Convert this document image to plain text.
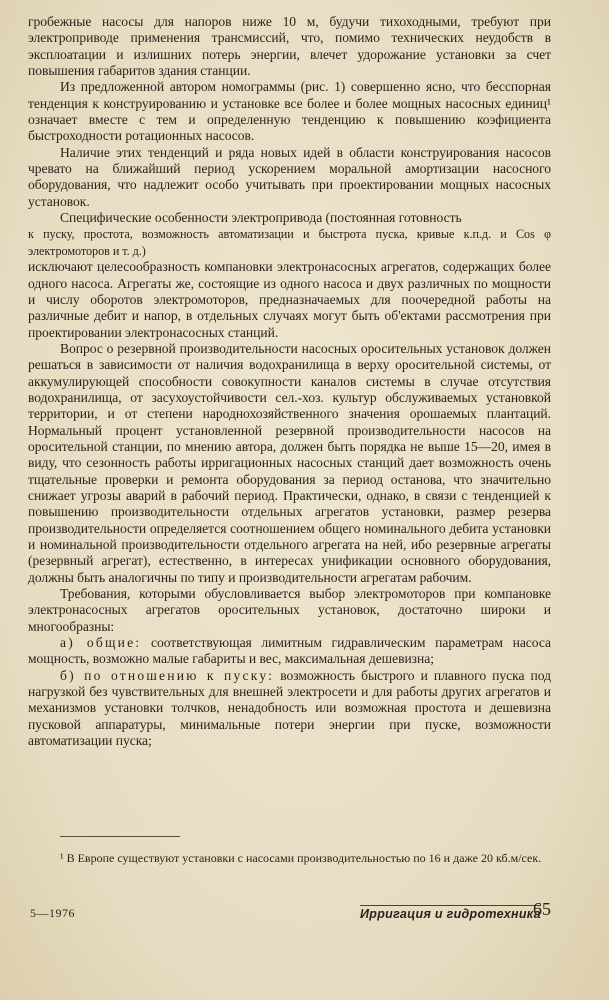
гробежные насосы для напоров ниже 10 м, будучи тихоходными, требуют при электроприводе применения трансмиссий, что, помимо технических неудобств в эксплоатации и излишних потерь энергии, влечет удорожание установки за счет повышения габаритов здания станции.

Из предложенной автором номограммы (рис. 1) совершенно ясно, что бесспорная тенденция к конструированию и установке все более и более мощных насосных единиц¹ означает вместе с тем и определенную тенденцию к повышению коэфициента быстроходности ротационных насосов.

Наличие этих тенденций и ряда новых идей в области конструирования насосов чревато на ближайший период ускорением моральной амортизации насосного оборудования, что надлежит особо учитывать при проектировании мощных насосных установок.

Специфические особенности электропривода (постоянная готовность

к пуску, простота, возможность автоматизации и быстрота пуска, кривые к.п.д. и Cos φ электромоторов и т. д.)

исключают целесообразность компановки электронасосных агрегатов, содержащих более одного насоса. Агрегаты же, состоящие из одного насоса и двух различных по мощности и числу оборотов электромоторов, предназначаемых для поочередной работы на различные дебит и напор, в отдельных случаях могут быть об'ектами рассмотрения при проектировании электронасосных станций.

Вопрос о резервной производительности насосных оросительных установок должен решаться в зависимости от наличия водохранилища в верху оросительной системы, от аккумулирующей способности совокупности каналов системы в случае отсутствия водохранилища, от засухоустойчивости сел.-хоз. культур обслуживаемых установкой территории, и от степени народнохозяйственного значения орошаемых плантаций. Нормальный процент установленной резервной производительности насосов на оросительной станции, по мнению автора, должен быть порядка не выше 15—20, имея в виду, что сезонность работы ирригационных насосных станций дает возможность очень тщательные проверки и ремонта оборудования за период останова, что значительно снижает угрозы аварий в рабочий период. Практически, однако, в связи с тенденцией к повышению производительности отдельных агрегатов установки, размер резерва производительности определяется соотношением общего номинального дебита установки и номинальной производительности отдельного агрегата на ней, ибо резервные агрегаты (резервный агрегат), естественно, в интересах унификации основного оборудования, должны быть аналогичны по типу и производительности агрегатам рабочим.

Требования, которыми обусловливается выбор электромоторов при компановке электронасосных агрегатов оросительных установок, достаточно широки и многообразны:

а) общие: соответствующая лимитным гидравлическим параметрам насоса мощность, возможно малые габариты и вес, максимальная дешевизна;

б) по отношению к пуску: возможность быстрого и плавного пуска под нагрузкой без чувствительных для внешней электросети и для работы других агрегатов и механизмов установки толчков, ненадобность или возможная простота и дешевизна пусковой аппаратуры, минимальные потери энергии при пуске, возможности автоматизации пуска;

¹ В Европе существуют установки с насосами производительностью по 16 и даже 20 кб.м/сек.

5—1976	Ирригация и гидротехника
65
